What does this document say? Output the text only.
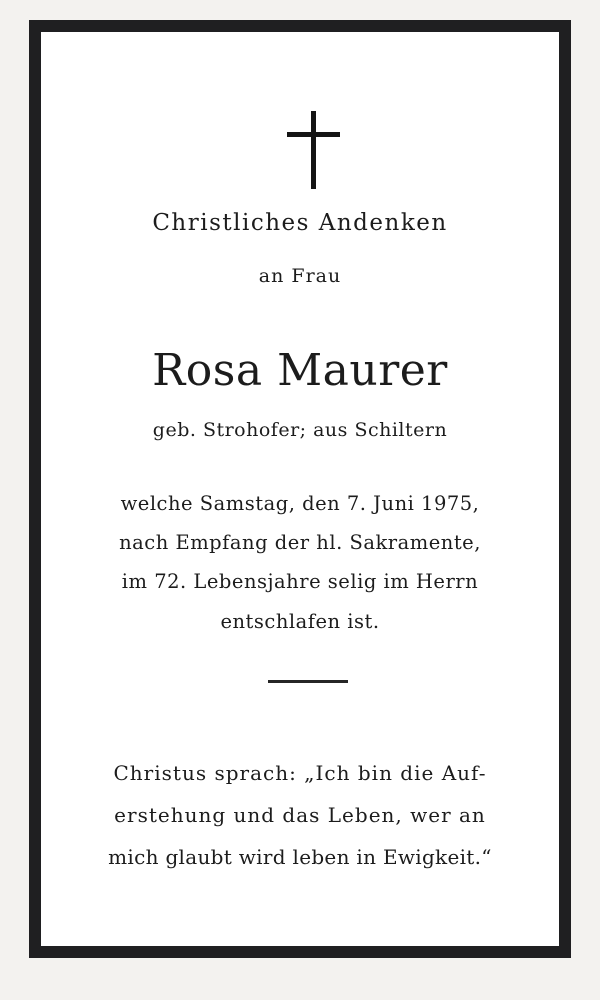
Christliches Andenken

an Frau

Rosa Maurer

geb. Strohofer; aus Schiltern

welche Samstag, den 7. Juni 1975,

nach Empfang der hl. Sakramente,

im 72. Lebensjahre selig im Herrn

entschlafen ist.

Christus sprach: „Ich bin die Auf-

erstehung und das Leben, wer an

mich glaubt wird leben in Ewigkeit.“
